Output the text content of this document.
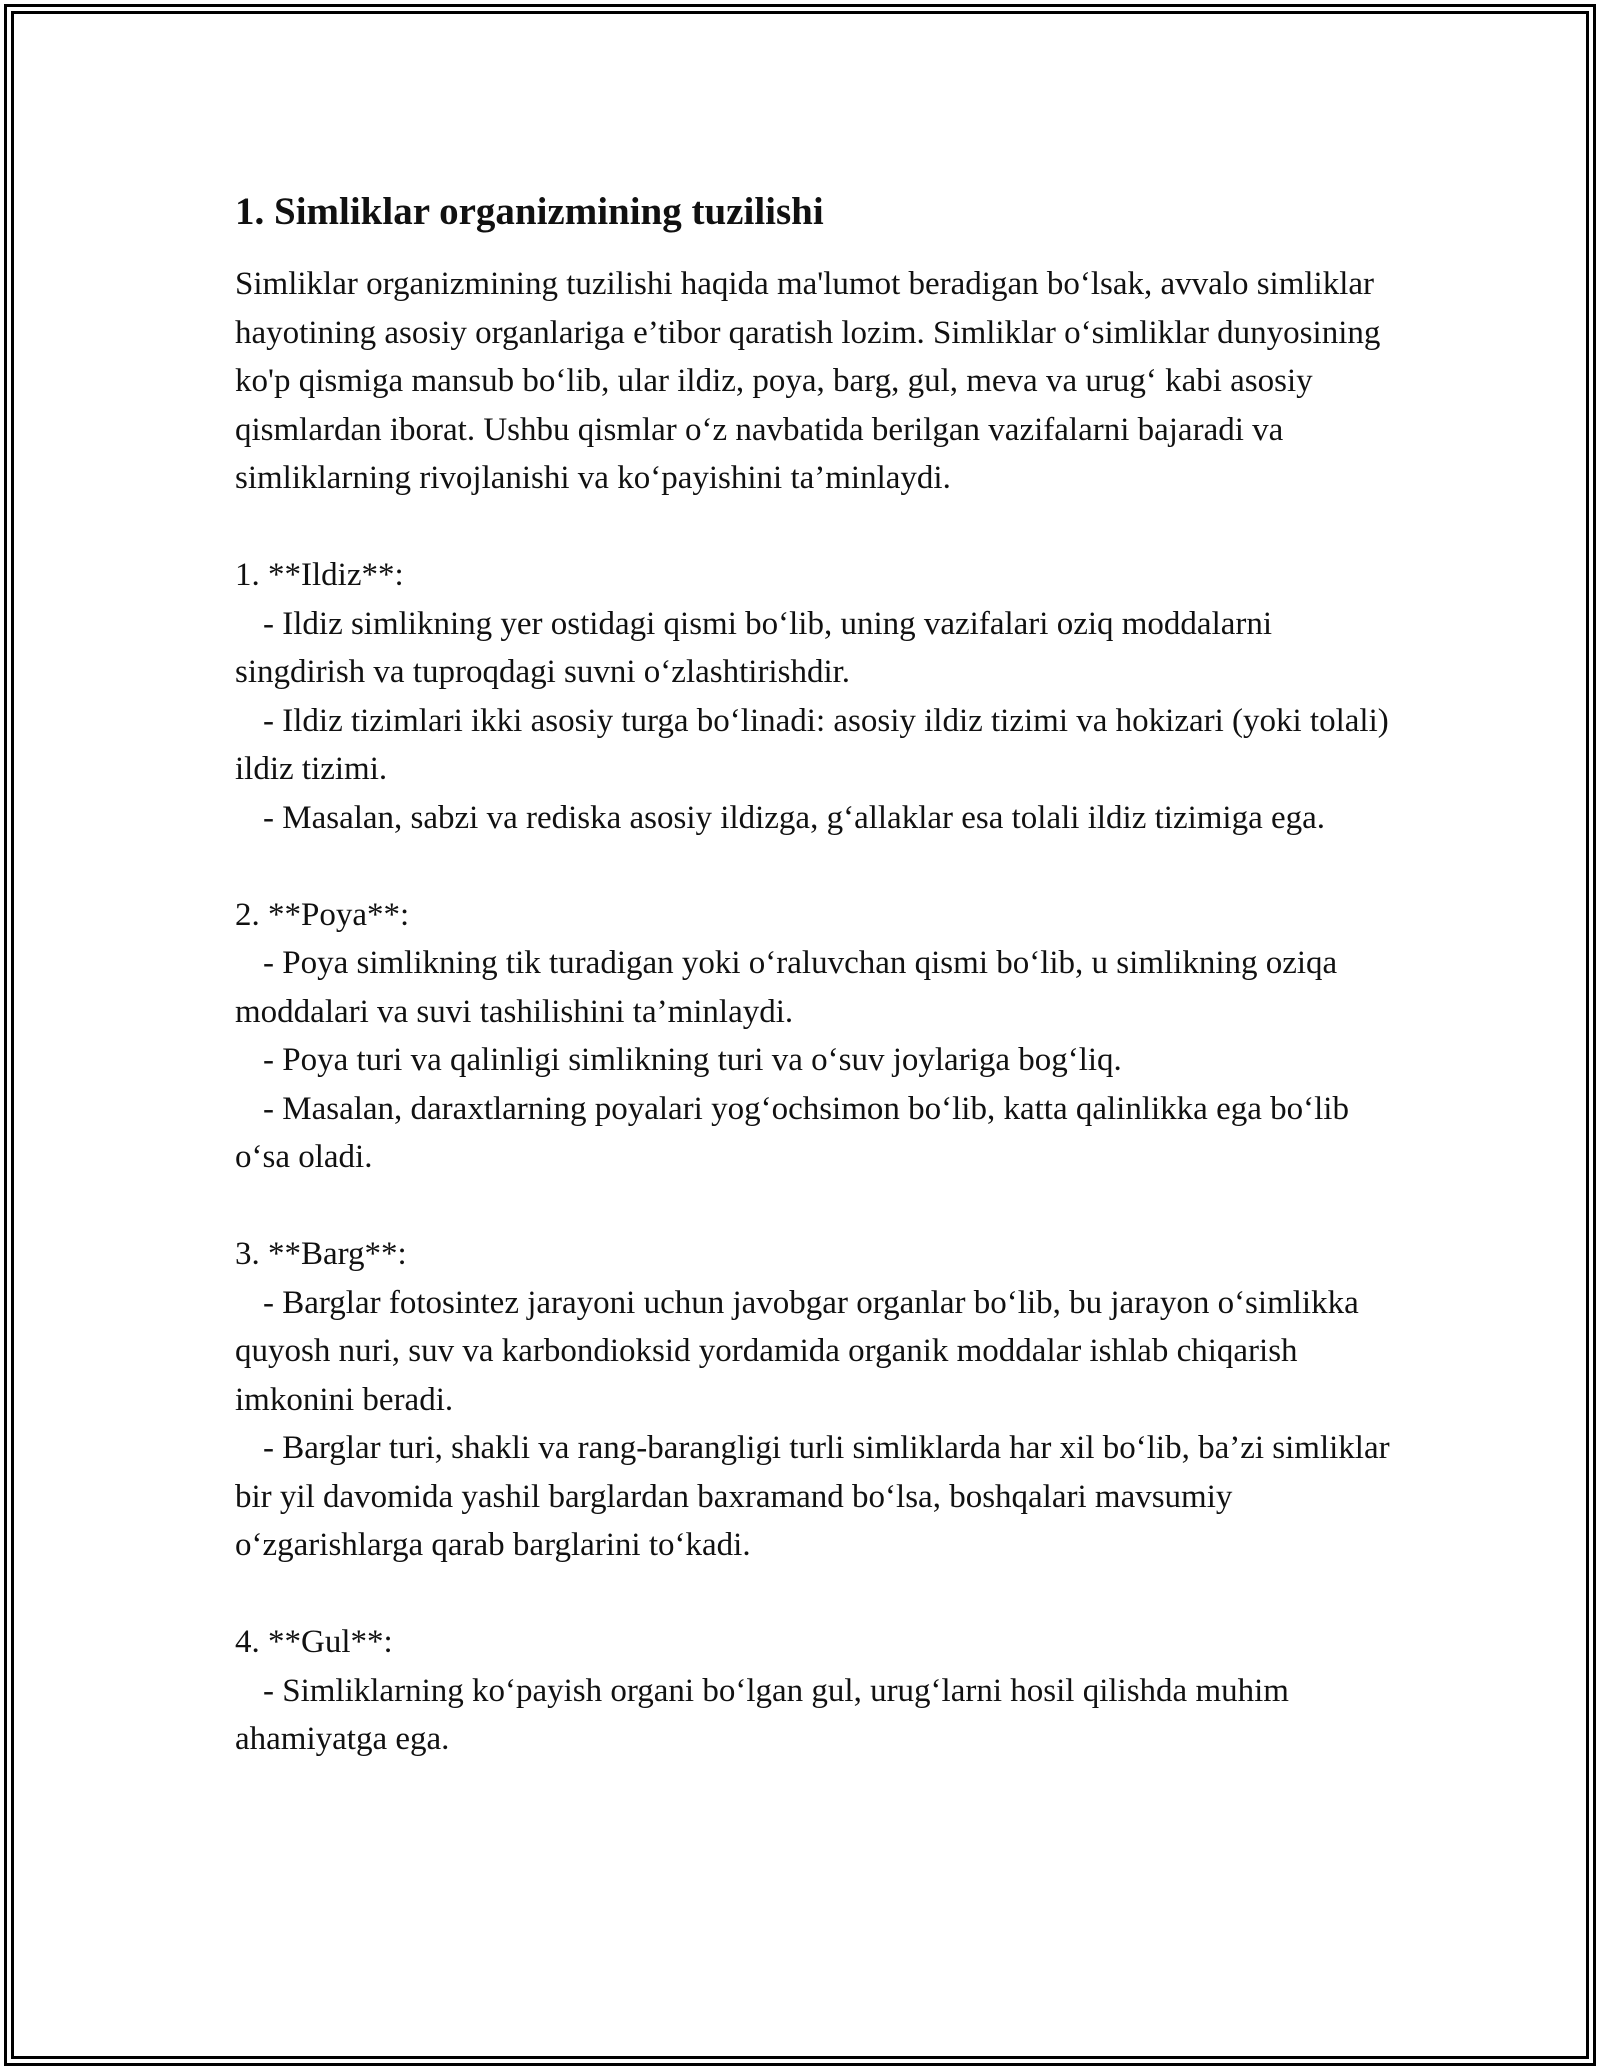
1. Simliklar organizmining tuzilishi

Simliklar organizmining tuzilishi haqida ma'lumot beradigan bo‘lsak, avvalo simliklar hayotining asosiy organlariga e’tibor qaratish lozim. Simliklar o‘simliklar dunyosining ko'p qismiga mansub bo‘lib, ular ildiz, poya, barg, gul, meva va urug‘ kabi asosiy qismlardan iborat. Ushbu qismlar o‘z navbatida berilgan vazifalarni bajaradi va simliklarning rivojlanishi va ko‘payishini ta’minlaydi.

1. **Ildiz**:

- Ildiz simlikning yer ostidagi qismi bo‘lib, uning vazifalari oziq moddalarni singdirish va tuproqdagi suvni o‘zlashtirishdir.

- Ildiz tizimlari ikki asosiy turga bo‘linadi: asosiy ildiz tizimi va hokizari (yoki tolali) ildiz tizimi.

- Masalan, sabzi va rediska asosiy ildizga, g‘allaklar esa tolali ildiz tizimiga ega.

2. **Poya**:

- Poya simlikning tik turadigan yoki o‘raluvchan qismi bo‘lib, u simlikning oziqa moddalari va suvi tashilishini ta’minlaydi.

- Poya turi va qalinligi simlikning turi va o‘suv joylariga bog‘liq.

- Masalan, daraxtlarning poyalari yog‘ochsimon bo‘lib, katta qalinlikka ega bo‘lib o‘sa oladi.

3. **Barg**:

- Barglar fotosintez jarayoni uchun javobgar organlar bo‘lib, bu jarayon o‘simlikka quyosh nuri, suv va karbondioksid yordamida organik moddalar ishlab chiqarish imkonini beradi.

- Barglar turi, shakli va rang-barangligi turli simliklarda har xil bo‘lib, ba’zi simliklar bir yil davomida yashil barglardan baxramand bo‘lsa, boshqalari mavsumiy o‘zgarishlarga qarab barglarini to‘kadi.

4. **Gul**:

- Simliklarning ko‘payish organi bo‘lgan gul, urug‘larni hosil qilishda muhim ahamiyatga ega.
